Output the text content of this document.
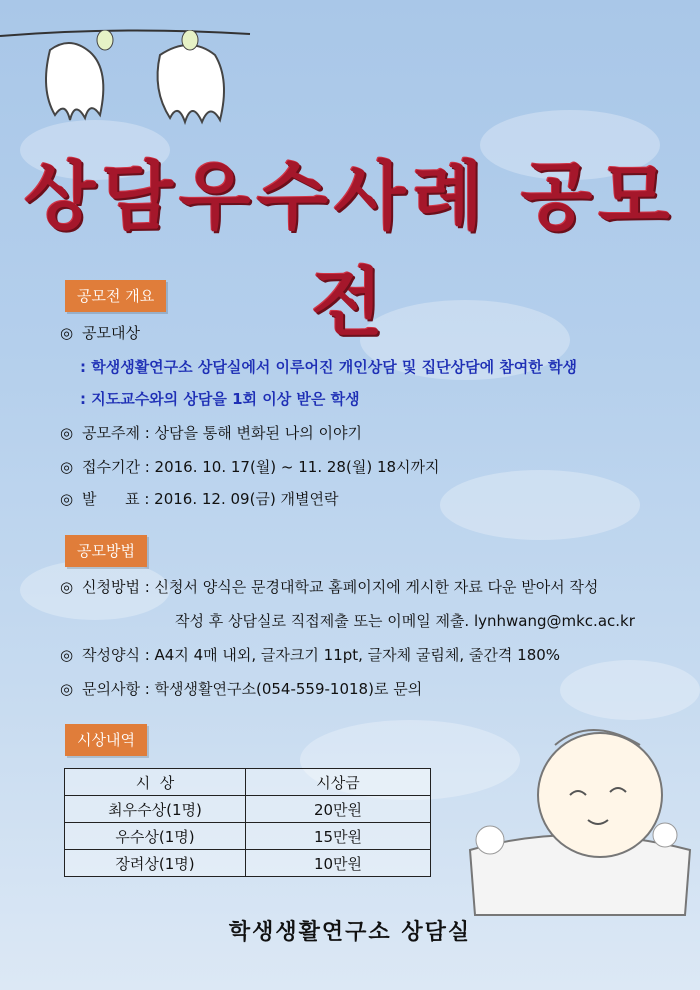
상담우수사례 공모전
공모전 개요
◎ 공모대상
: 학생생활연구소 상담실에서 이루어진 개인상담 및 집단상담에 참여한 학생
: 지도교수와의 상담을 1회 이상 받은 학생
◎ 공모주제 : 상담을 통해 변화된 나의 이야기
◎ 접수기간 : 2016. 10. 17(월) ~ 11. 28(월) 18시까지
◎ 발      표 : 2016. 12. 09(금) 개별연락
공모방법
◎ 신청방법 : 신청서 양식은 문경대학교 홈페이지에 게시한 자료 다운 받아서 작성
작성 후 상담실로 직접제출 또는 이메일 제출. lynhwang@mkc.ac.kr
◎ 작성양식 : A4지 4매 내외, 글자크기 11pt, 글자체 굴림체, 줄간격 180%
◎ 문의사항 : 학생생활연구소(054-559-1018)로 문의
시상내역
시  상	시상금
최우수상(1명)	20만원
우수상(1명)	15만원
장려상(1명)	10만원
학생생활연구소 상담실
